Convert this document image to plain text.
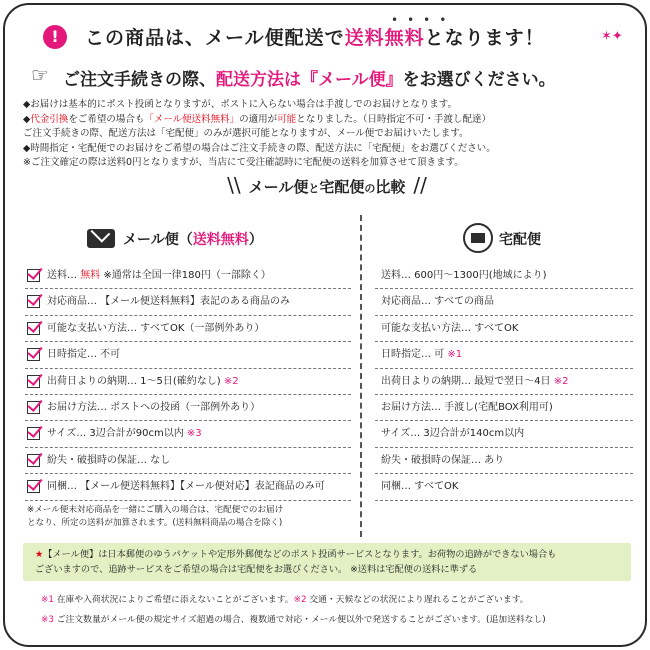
!
••••
この商品は、メール便配送で送料無料となります！	✶✦
☞ ご注文手続きの際、配送方法は『メール便』をお選びください。
◆お届けは基本的にポスト投函となりますが、ポストに入らない場合は手渡しでのお届けとなります。
◆代金引換をご希望の場合も「メール便送料無料」の適用が可能となりました。（日時指定不可・手渡し配達）
ご注文手続きの際、配送方法は「宅配便」のみが選択可能となりますが、メール便でお届けいたします。
◆時間指定・宅配便でのお届けをご希望の場合はご注文手続きの際、配送方法に「宅配便」をお選びください。
※ご注文確定の際は送料0円となりますが、当店にて受注確認時に宅配便の送料を加算させて頂きます。
\\ メール便と宅配便の比較 //
メール便（送料無料）
送料… 無料 ※通常は全国一律180円（一部除く）
対応商品… 【メール便送料無料】表記のある商品のみ
可能な支払い方法… すべてOK（一部例外あり）
日時指定… 不可
出荷日よりの納期… 1～5日(確約なし) ※2
お届け方法… ポストへの投函（一部例外あり）
サイズ… 3辺合計が90cm以内 ※3
紛失・破損時の保証… なし
同梱… 【メール便送料無料】【メール便対応】表記商品のみ可
※メール便未対応商品を一緒にご購入の場合は、宅配便でのお届け
となり、所定の送料が加算されます。(送料無料商品の場合を除く)
宅配便
送料… 600円～1300円(地域により)
対応商品… すべての商品
可能な支払い方法… すべてOK
日時指定… 可 ※1
出荷日よりの納期… 最短で翌日～4日 ※2
お届け方法… 手渡し(宅配BOX利用可)
サイズ… 3辺合計が140cm以内
紛失・破損時の保証… あり
同梱… すべてOK
★【メール便】は日本郵便のゆうパケットや定形外郵便などのポスト投函サービスとなります。お荷物の追跡ができない場合も
ございますので、追跡サービスをご希望の場合は宅配便をお選びください。 ※送料は宅配便の送料に準ずる
※1 在庫や入荷状況によりご希望に添えないことがございます。※2 交通・天候などの状況により遅れることがございます。
※3 ご注文数量がメール便の規定サイズ超過の場合、複数通で対応・メール便以外で発送することがございます。(追加送料なし)
